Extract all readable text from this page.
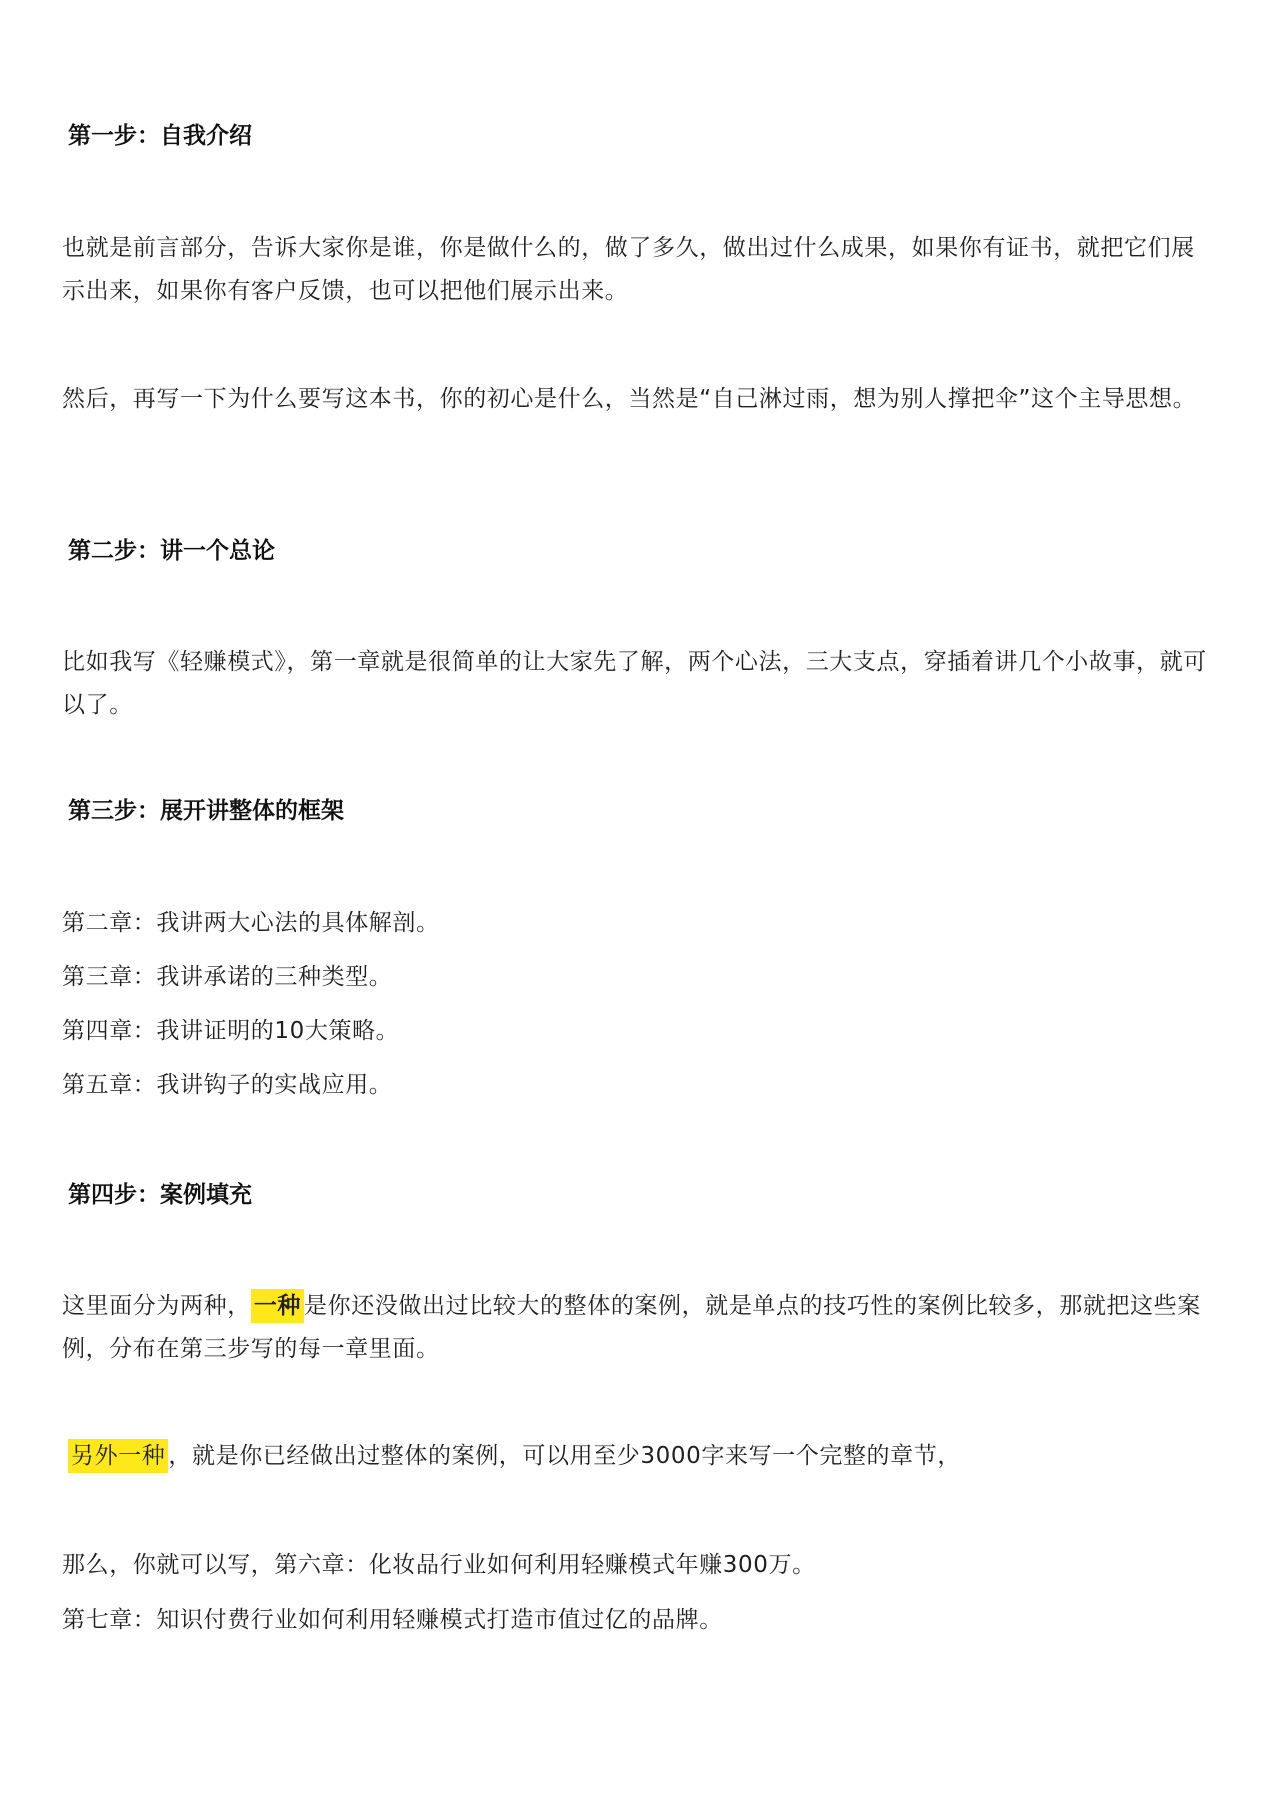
第一步：自我介绍
也就是前言部分，告诉大家你是谁，你是做什么的，做了多久，做出过什么成果，如果你有证书，就把它们展示出来，如果你有客户反馈，也可以把他们展示出来。
然后，再写一下为什么要写这本书，你的初心是什么，当然是“自己淋过雨，想为别人撑把伞”这个主导思想。
第二步：讲一个总论
比如我写《轻赚模式》，第一章就是很简单的让大家先了解，两个心法，三大支点，穿插着讲几个小故事，就可以了。
第三步：展开讲整体的框架
第二章：我讲两大心法的具体解剖。
第三章：我讲承诺的三种类型。
第四章：我讲证明的10大策略。
第五章：我讲钩子的实战应用。
第四步：案例填充
这里面分为两种， 一种 是你还没做出过比较大的整体的案例，就是单点的技巧性的案例比较多，那就把这些案例，分布在第三步写的每一章里面。
另外一种 ，就是你已经做出过整体的案例，可以用至少3000字来写一个完整的章节，
那么，你就可以写，第六章：化妆品行业如何利用轻赚模式年赚300万。
第七章：知识付费行业如何利用轻赚模式打造市值过亿的品牌。
